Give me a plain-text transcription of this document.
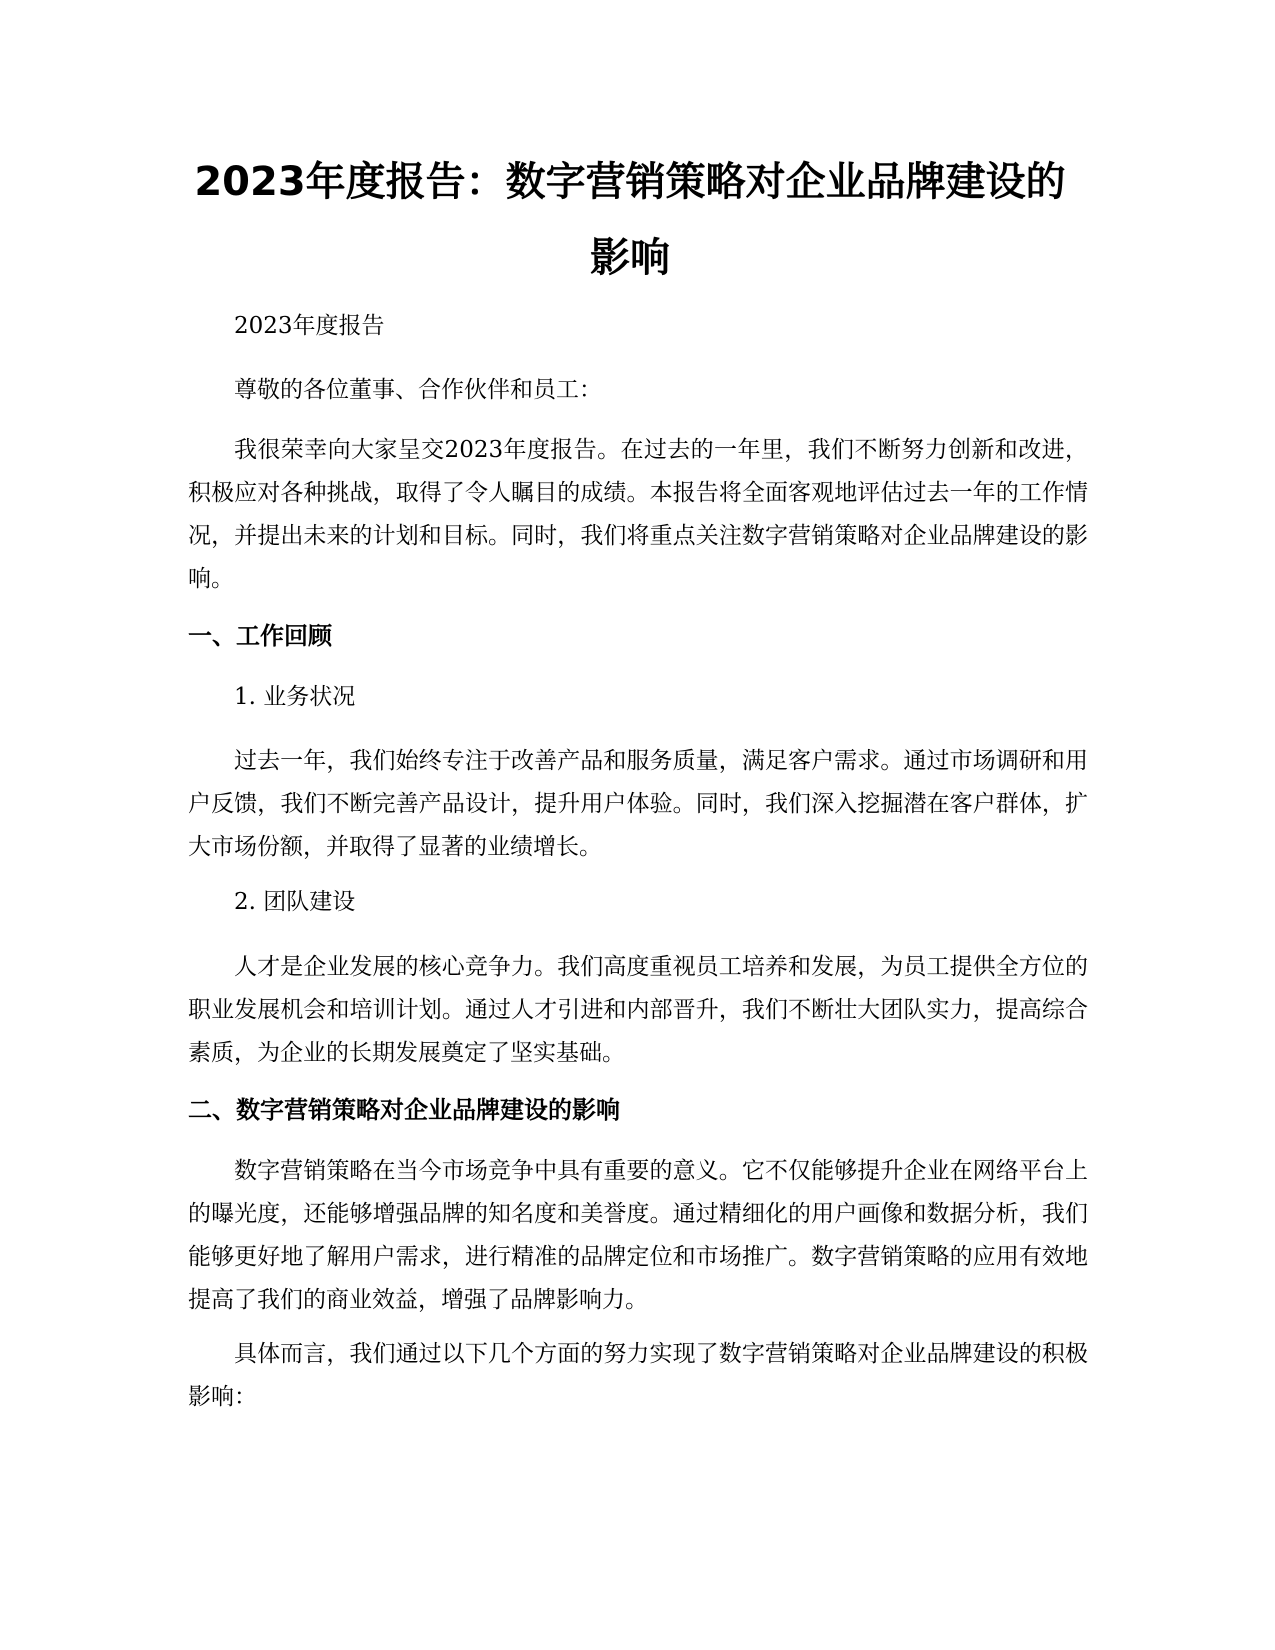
2023年度报告：数字营销策略对企业品牌建设的影响

2023年度报告

尊敬的各位董事、合作伙伴和员工：

我很荣幸向大家呈交2023年度报告。在过去的一年里，我们不断努力创新和改进，积极应对各种挑战，取得了令人瞩目的成绩。本报告将全面客观地评估过去一年的工作情况，并提出未来的计划和目标。同时，我们将重点关注数字营销策略对企业品牌建设的影响。

一、工作回顾

1. 业务状况

过去一年，我们始终专注于改善产品和服务质量，满足客户需求。通过市场调研和用户反馈，我们不断完善产品设计，提升用户体验。同时，我们深入挖掘潜在客户群体，扩大市场份额，并取得了显著的业绩增长。

2. 团队建设

人才是企业发展的核心竞争力。我们高度重视员工培养和发展，为员工提供全方位的职业发展机会和培训计划。通过人才引进和内部晋升，我们不断壮大团队实力，提高综合素质，为企业的长期发展奠定了坚实基础。

二、数字营销策略对企业品牌建设的影响

数字营销策略在当今市场竞争中具有重要的意义。它不仅能够提升企业在网络平台上的曝光度，还能够增强品牌的知名度和美誉度。通过精细化的用户画像和数据分析，我们能够更好地了解用户需求，进行精准的品牌定位和市场推广。数字营销策略的应用有效地提高了我们的商业效益，增强了品牌影响力。

具体而言，我们通过以下几个方面的努力实现了数字营销策略对企业品牌建设的积极影响：
